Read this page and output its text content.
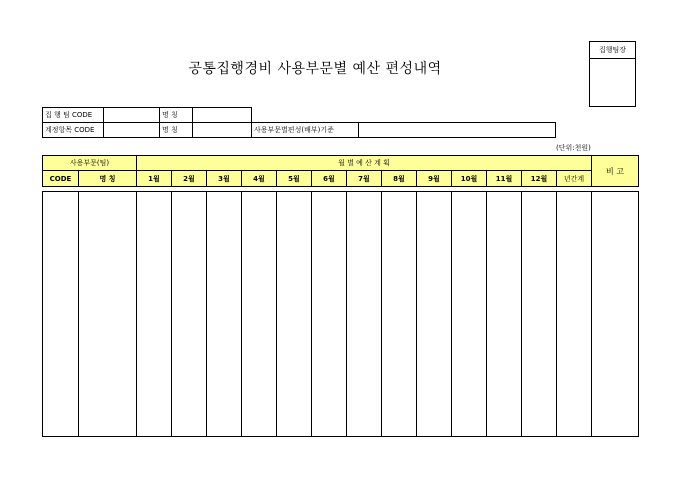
공통집행경비 사용부문별 예산 편성내역
집행팀장
집 행 팀 CODE		명 칭	
계정항목 CODE		명 칭		사용부문별편성(배부)기준	
(단위:천원)
사용부문(팀)		월 별 예 산 계 획													비 고
CODE	명 칭	1월	2월	3월	4월	5월	6월	7월	8월	9월	10월	11월	12월	년간계	
